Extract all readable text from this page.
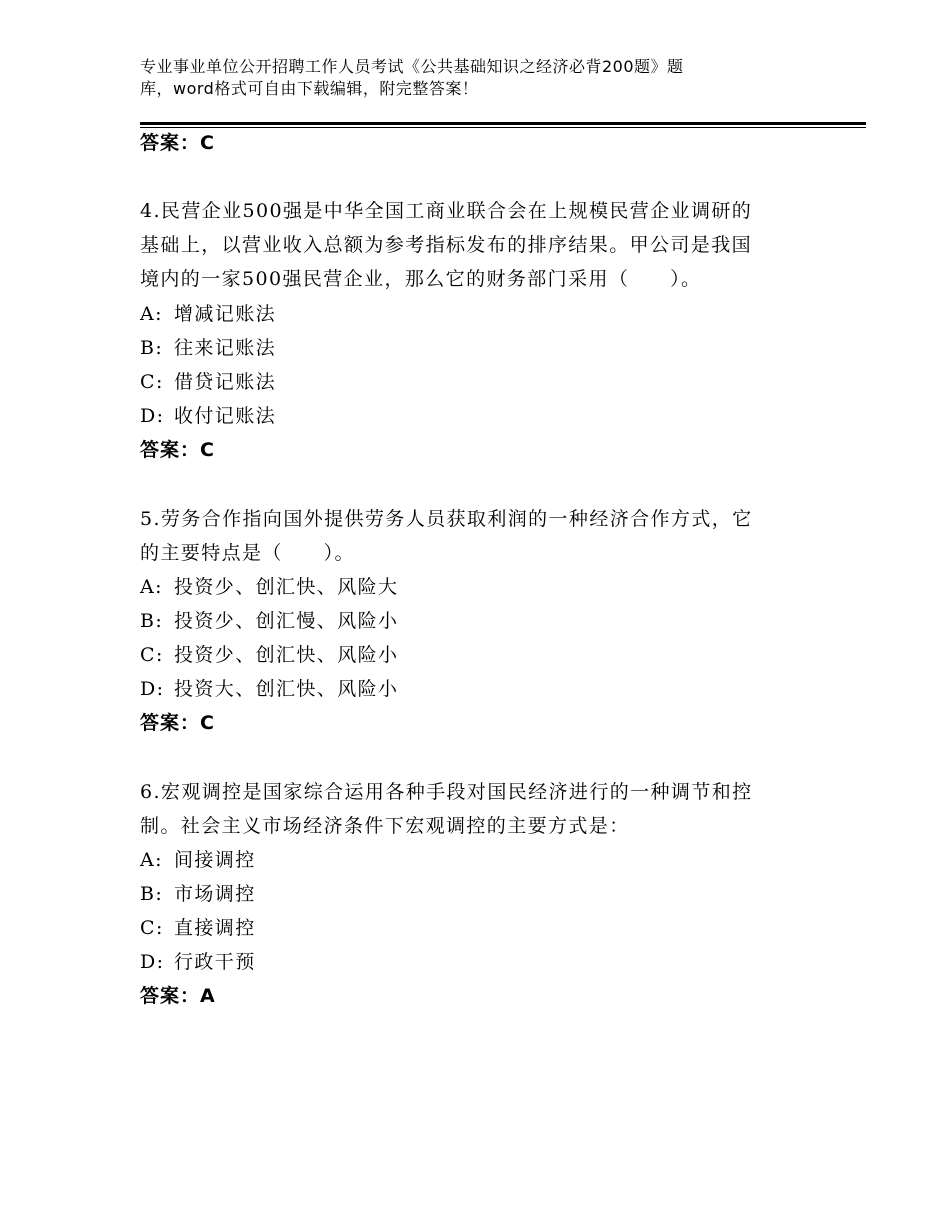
专业事业单位公开招聘工作人员考试《公共基础知识之经济必背200题》题
库，word格式可自由下载编辑，附完整答案！
答案：C
4.民营企业500强是中华全国工商业联合会在上规模民营企业调研的
基础上，以营业收入总额为参考指标发布的排序结果。甲公司是我国
境内的一家500强民营企业，那么它的财务部门采用（　　）。
A: 增减记账法
B: 往来记账法
C: 借贷记账法
D: 收付记账法
答案：C
5.劳务合作指向国外提供劳务人员获取利润的一种经济合作方式，它
的主要特点是（　　）。
A: 投资少、创汇快、风险大
B: 投资少、创汇慢、风险小
C: 投资少、创汇快、风险小
D: 投资大、创汇快、风险小
答案：C
6.宏观调控是国家综合运用各种手段对国民经济进行的一种调节和控
制。社会主义市场经济条件下宏观调控的主要方式是：
A: 间接调控
B: 市场调控
C: 直接调控
D: 行政干预
答案：A
